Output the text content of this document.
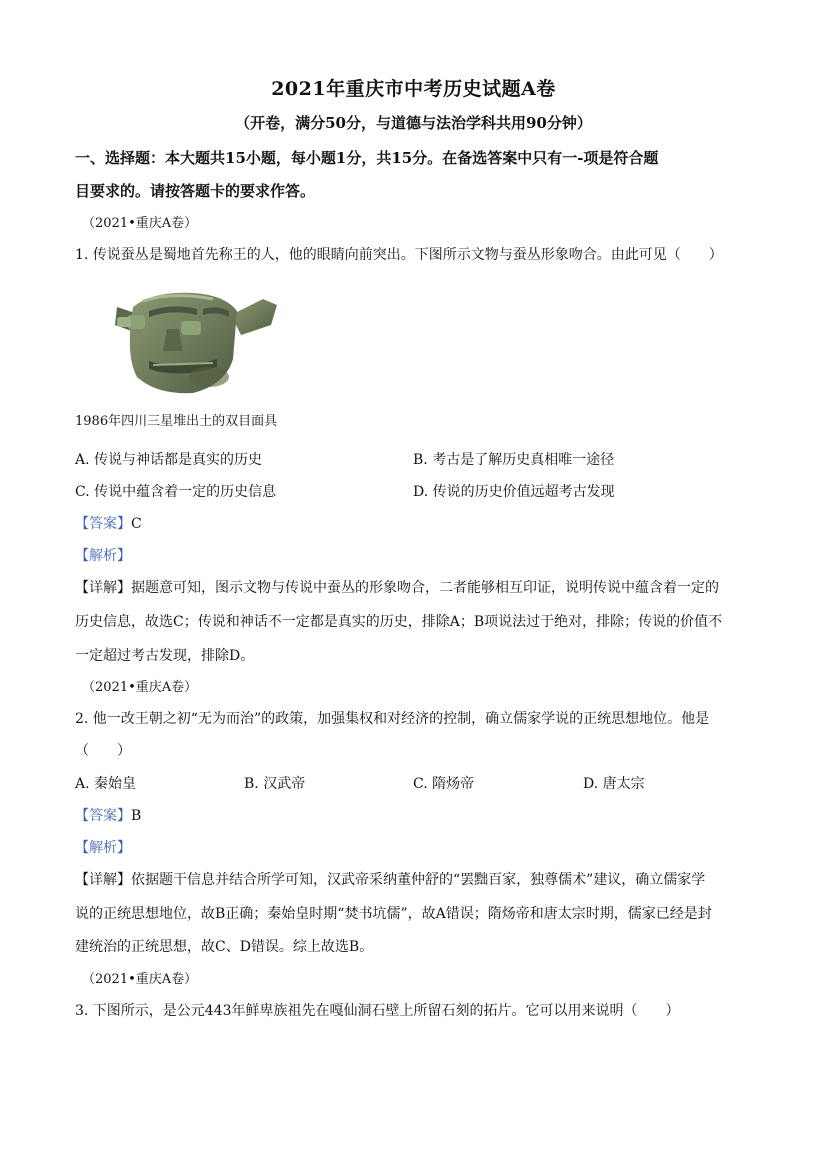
2021年重庆市中考历史试题A卷
（开卷，满分50分，与道德与法治学科共用90分钟）
一、选择题：本大题共15小题，每小题1分，共15分。在备选答案中只有一-项是符合题
目要求的。请按答题卡的要求作答。
（2021•重庆A卷）
1. 传说蚕丛是蜀地首先称王的人，他的眼睛向前突出。下图所示文物与蚕丛形象吻合。由此可见（　　）
1986年四川三星堆出土的双目面具
A. 传说与神话都是真实的历史	B. 考古是了解历史真相唯一途径
C. 传说中蕴含着一定的历史信息	D. 传说的历史价值远超考古发现
【答案】C
【解析】
【详解】据题意可知，图示文物与传说中蚕丛的形象吻合，二者能够相互印证，说明传说中蕴含着一定的
历史信息，故选C；传说和神话不一定都是真实的历史，排除A；B项说法过于绝对，排除；传说的价值不
一定超过考古发现，排除D。
（2021•重庆A卷）
2. 他一改王朝之初“无为而治”的政策，加强集权和对经济的控制，确立儒家学说的正统思想地位。他是
（　　）
A. 秦始皇	B. 汉武帝	C. 隋炀帝	D. 唐太宗
【答案】B
【解析】
【详解】依据题干信息并结合所学可知，汉武帝采纳董仲舒的“罢黜百家，独尊儒术”建议，确立儒家学
说的正统思想地位，故B正确；秦始皇时期“焚书坑儒”，故A错误；隋炀帝和唐太宗时期，儒家已经是封
建统治的正统思想，故C、D错误。综上故选B。
（2021•重庆A卷）
3. 下图所示，是公元443年鲜卑族祖先在嘎仙洞石壁上所留石刻的拓片。它可以用来说明（　　）
